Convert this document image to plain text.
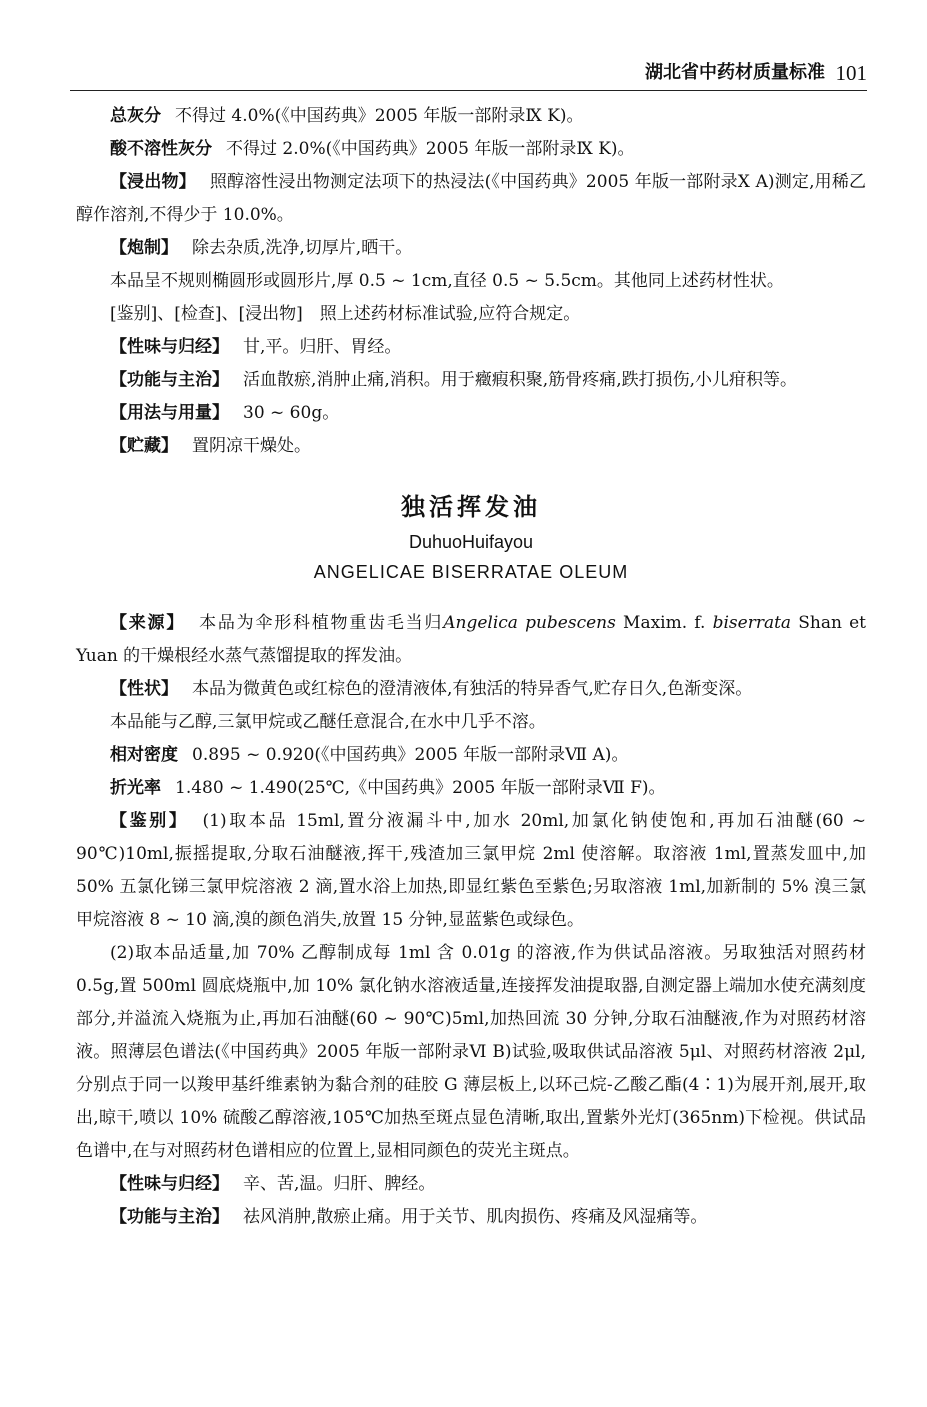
湖北省中药材质量标准 101

总灰分 不得过 4.0%(《中国药典》2005 年版一部附录Ⅸ K)。

酸不溶性灰分 不得过 2.0%(《中国药典》2005 年版一部附录Ⅸ K)。

【浸出物】 照醇溶性浸出物测定法项下的热浸法(《中国药典》2005 年版一部附录Ⅹ A)测定,用稀乙醇作溶剂,不得少于 10.0%。

【炮制】 除去杂质,洗净,切厚片,晒干。

本品呈不规则椭圆形或圆形片,厚 0.5 ~ 1cm,直径 0.5 ~ 5.5cm。其他同上述药材性状。

[鉴别]、[检查]、[浸出物]　照上述药材标准试验,应符合规定。

【性味与归经】 甘,平。归肝、胃经。

【功能与主治】 活血散瘀,消肿止痛,消积。用于癥瘕积聚,筋骨疼痛,跌打损伤,小儿疳积等。

【用法与用量】 30 ~ 60g。

【贮藏】 置阴凉干燥处。

独活挥发油
DuhuoHuifayou
ANGELICAE BISERRATAE OLEUM

【来源】 本品为伞形科植物重齿毛当归Angelica pubescens Maxim. f. biserrata Shan et Yuan 的干燥根经水蒸气蒸馏提取的挥发油。

【性状】 本品为微黄色或红棕色的澄清液体,有独活的特异香气,贮存日久,色渐变深。

本品能与乙醇,三氯甲烷或乙醚任意混合,在水中几乎不溶。

相对密度 0.895 ~ 0.920(《中国药典》2005 年版一部附录Ⅶ A)。

折光率 1.480 ~ 1.490(25℃,《中国药典》2005 年版一部附录Ⅶ F)。

【鉴别】 (1)取本品 15ml,置分液漏斗中,加水 20ml,加氯化钠使饱和,再加石油醚(60 ~ 90℃)10ml,振摇提取,分取石油醚液,挥干,残渣加三氯甲烷 2ml 使溶解。取溶液 1ml,置蒸发皿中,加 50% 五氯化锑三氯甲烷溶液 2 滴,置水浴上加热,即显红紫色至紫色;另取溶液 1ml,加新制的 5% 溴三氯甲烷溶液 8 ~ 10 滴,溴的颜色消失,放置 15 分钟,显蓝紫色或绿色。

(2)取本品适量,加 70% 乙醇制成每 1ml 含 0.01g 的溶液,作为供试品溶液。另取独活对照药材 0.5g,置 500ml 圆底烧瓶中,加 10% 氯化钠水溶液适量,连接挥发油提取器,自测定器上端加水使充满刻度部分,并溢流入烧瓶为止,再加石油醚(60 ~ 90℃)5ml,加热回流 30 分钟,分取石油醚液,作为对照药材溶液。照薄层色谱法(《中国药典》2005 年版一部附录Ⅵ B)试验,吸取供试品溶液 5μl、对照药材溶液 2μl,分别点于同一以羧甲基纤维素钠为黏合剂的硅胶 G 薄层板上,以环己烷-乙酸乙酯(4∶1)为展开剂,展开,取出,晾干,喷以 10% 硫酸乙醇溶液,105℃加热至斑点显色清晰,取出,置紫外光灯(365nm)下检视。供试品色谱中,在与对照药材色谱相应的位置上,显相同颜色的荧光主斑点。

【性味与归经】 辛、苦,温。归肝、脾经。

【功能与主治】 祛风消肿,散瘀止痛。用于关节、肌肉损伤、疼痛及风湿痛等。
